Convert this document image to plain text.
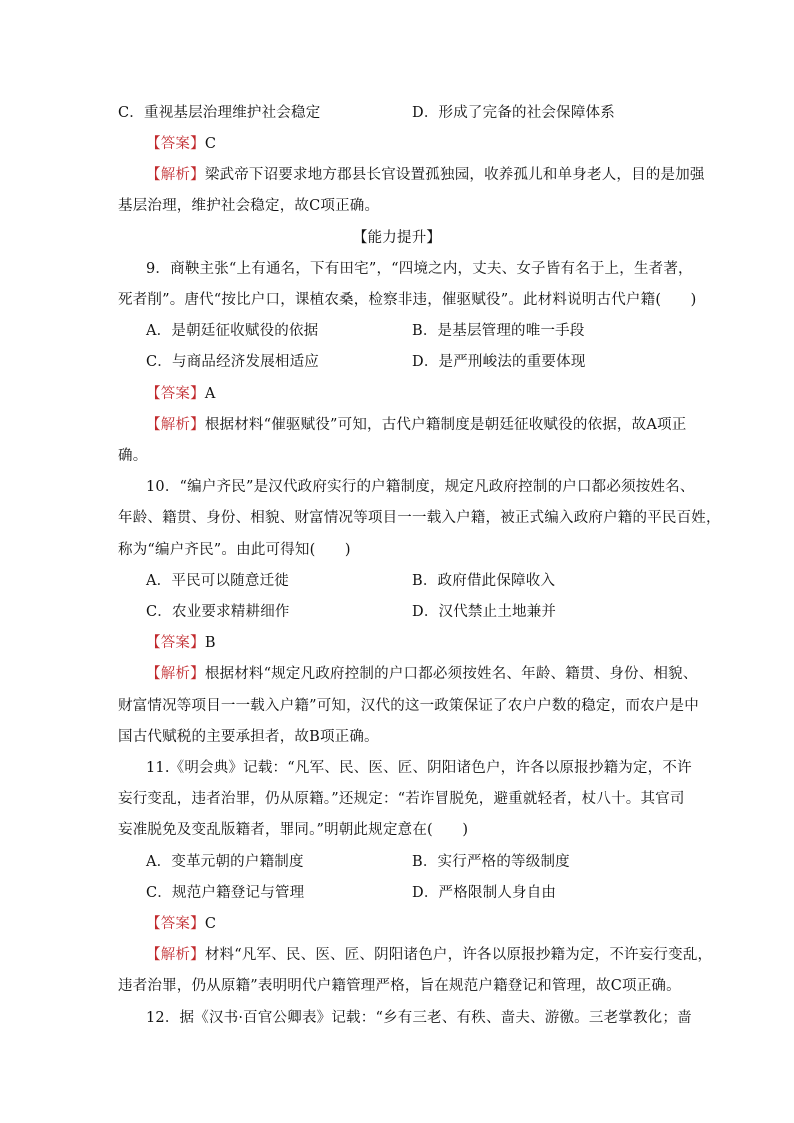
C．重视基层治理维护社会稳定	D．形成了完备的社会保障体系
【答案】C
【解析】梁武帝下诏要求地方郡县长官设置孤独园，收养孤儿和单身老人，目的是加强
基层治理，维护社会稳定，故C项正确。
【能力提升】
9．商鞅主张“上有通名，下有田宅”，“四境之内，丈夫、女子皆有名于上，生者著，
死者削”。唐代“按比户口，课植农桑，检察非违，催驱赋役”。此材料说明古代户籍(　　)
A．是朝廷征收赋役的依据	B．是基层管理的唯一手段
C．与商品经济发展相适应	D．是严刑峻法的重要体现
【答案】A
【解析】根据材料“催驱赋役”可知，古代户籍制度是朝廷征收赋役的依据，故A项正
确。
10．“编户齐民”是汉代政府实行的户籍制度，规定凡政府控制的户口都必须按姓名、
年龄、籍贯、身份、相貌、财富情况等项目一一载入户籍，被正式编入政府户籍的平民百姓，
称为“编户齐民”。由此可得知(　　)
A．平民可以随意迁徙	B．政府借此保障收入
C．农业要求精耕细作	D．汉代禁止土地兼并
【答案】B
【解析】根据材料“规定凡政府控制的户口都必须按姓名、年龄、籍贯、身份、相貌、
财富情况等项目一一载入户籍”可知，汉代的这一政策保证了农户户数的稳定，而农户是中
国古代赋税的主要承担者，故B项正确。
11.《明会典》记载：“凡军、民、医、匠、阴阳诸色户，许各以原报抄籍为定，不许
妄行变乱，违者治罪，仍从原籍。”还规定：“若诈冒脱免，避重就轻者，杖八十。其官司
妄准脱免及变乱版籍者，罪同。”明朝此规定意在(　　)
A．变革元朝的户籍制度	B．实行严格的等级制度
C．规范户籍登记与管理	D．严格限制人身自由
【答案】C
【解析】材料“凡军、民、医、匠、阴阳诸色户，许各以原报抄籍为定，不许妄行变乱，
违者治罪，仍从原籍”表明明代户籍管理严格，旨在规范户籍登记和管理，故C项正确。
12．据《汉书·百官公卿表》记载：“乡有三老、有秩、啬夫、游徼。三老掌教化；啬
